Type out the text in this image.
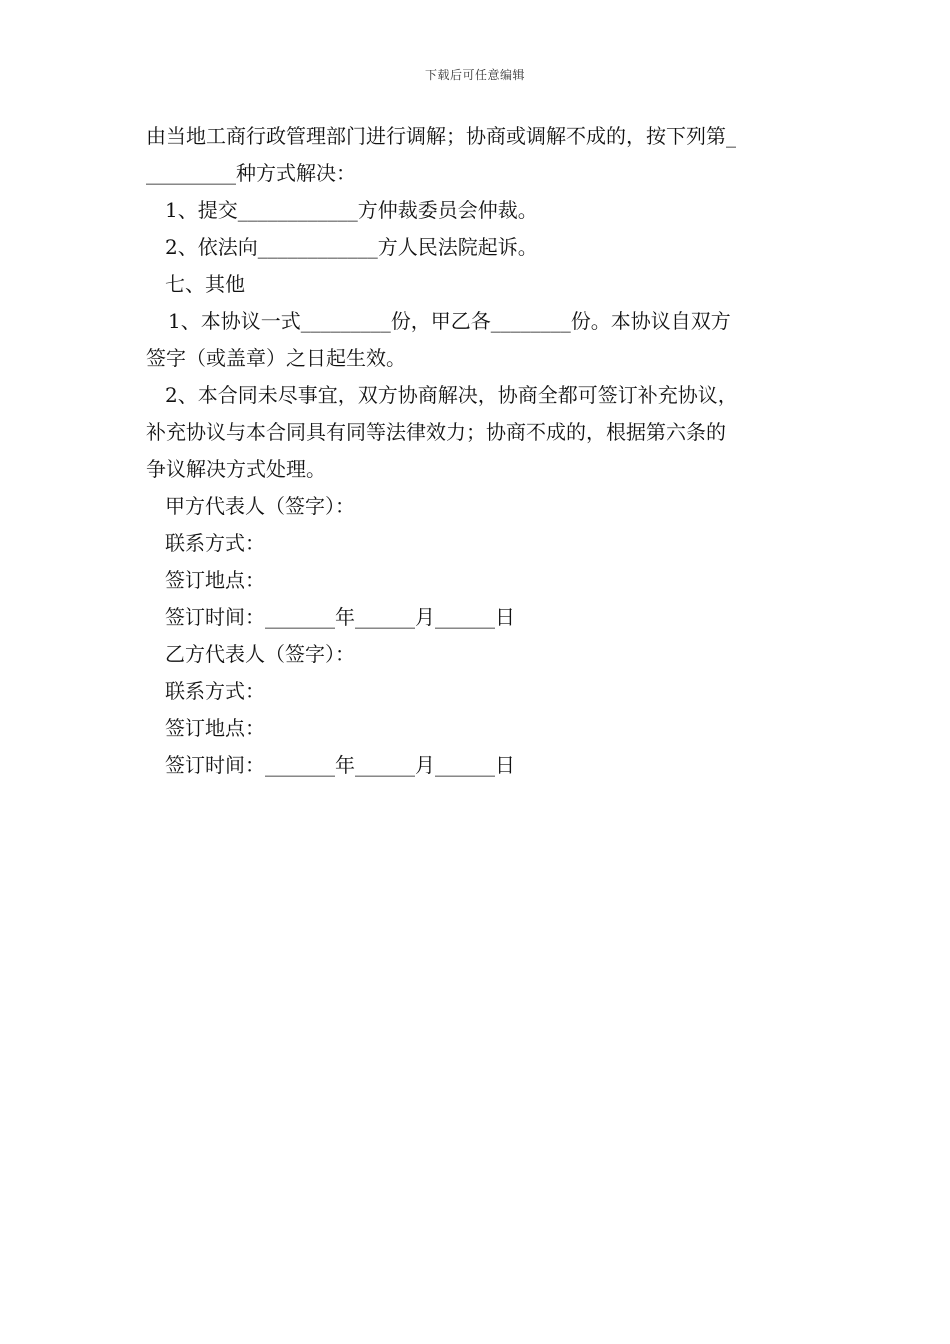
下载后可任意编辑
由当地工商行政管理部门进行调解；协商或调解不成的，按下列第_
_________种方式解决：
1、提交____________方仲裁委员会仲裁。
2、依法向____________方人民法院起诉。
七、其他
1、本协议一式_________份，甲乙各________份。本协议自双方
签字（或盖章）之日起生效。
2、本合同未尽事宜，双方协商解决，协商全都可签订补充协议，
补充协议与本合同具有同等法律效力；协商不成的，根据第六条的
争议解决方式处理。
甲方代表人（签字）：
联系方式：
签订地点：
签订时间：_______年______月______日
乙方代表人（签字）：
联系方式：
签订地点：
签订时间：_______年______月______日
